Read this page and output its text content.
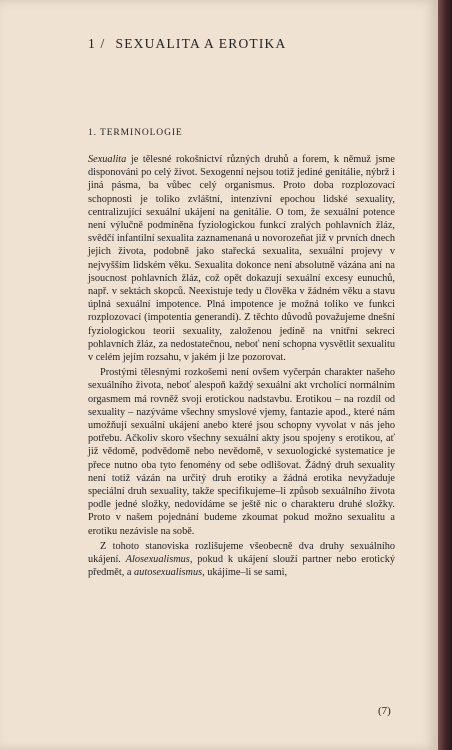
1 / SEXUALITA A EROTIKA
1. TERMINOLOGIE

Sexualita je tělesné rokošnictví různých druhů a forem, k němuž jsme disponováni po celý život. Sexogenní nejsou totiž jediné genitálie, nýbrž i jiná pásma, ba vůbec celý organismus. Proto doba rozplozovací schopnosti je toliko zvláštní, intenzívní epochou lidské sexuality, centralizující sexuální ukájení na genitálie. O tom, že sexuální potence není výlučně podmíněna fyziologickou funkcí zralých pohlavních žláz, svědčí infantilní sexualita zaznamenaná u novorozeňat již v prvních dnech jejich života, podobně jako stařecká sexualita, sexuální projevy v nejvyšším lidském věku. Sexualita dokonce není absolutně vázána ani na jsoucnost pohlavních žláz, což opět dokazují sexuální excesy eunuchů, např. v sektách skopců. Neexistuje tedy u člověka v žádném věku a stavu úplná sexuální impotence. Plná impotence je možná toliko ve funkci rozplozovací (impotentia generandi). Z těchto důvodů považujeme dnešní fyziologickou teorii sexuality, založenou jedině na vnitřní sekreci pohlavních žláz, za nedostatečnou, neboť není schopna vysvětlit sexualitu v celém jejím rozsahu, v jakém ji lze pozorovat.

Prostými tělesnými rozkošemi není ovšem vyčerpán charakter našeho sexuálního života, neboť alespoň každý sexuální akt vrcholící normálním orgasmem má rovněž svoji erotickou nadstavbu. Erotikou – na rozdíl od sexuality – nazýváme všechny smyslové vjemy, fantazie apod., které nám umožňují sexuální ukájení anebo které jsou schopny vyvolat v nás jeho potřebu. Ačkoliv skoro všechny sexuální akty jsou spojeny s erotikou, ať již vědomě, podvědomě nebo nevědomě, v sexuologické systematice je přece nutno oba tyto fenomény od sebe odlišovat. Žádný druh sexuality není totiž vázán na určitý druh erotiky a žádná erotika nevyžaduje speciální druh sexuality, takže specifikujeme–li způsob sexuálního života podle jedné složky, nedovídáme se ještě nic o charakteru druhé složky. Proto v našem pojednání budeme zkoumat pokud možno sexualitu a erotiku nezávisle na sobě.

Z tohoto stanoviska rozlišujeme všeobecně dva druhy sexuálního ukájení. Alosexualismus, pokud k ukájení slouží partner nebo erotický předmět, a autosexualismus, ukájíme–li se sami,

(7)
